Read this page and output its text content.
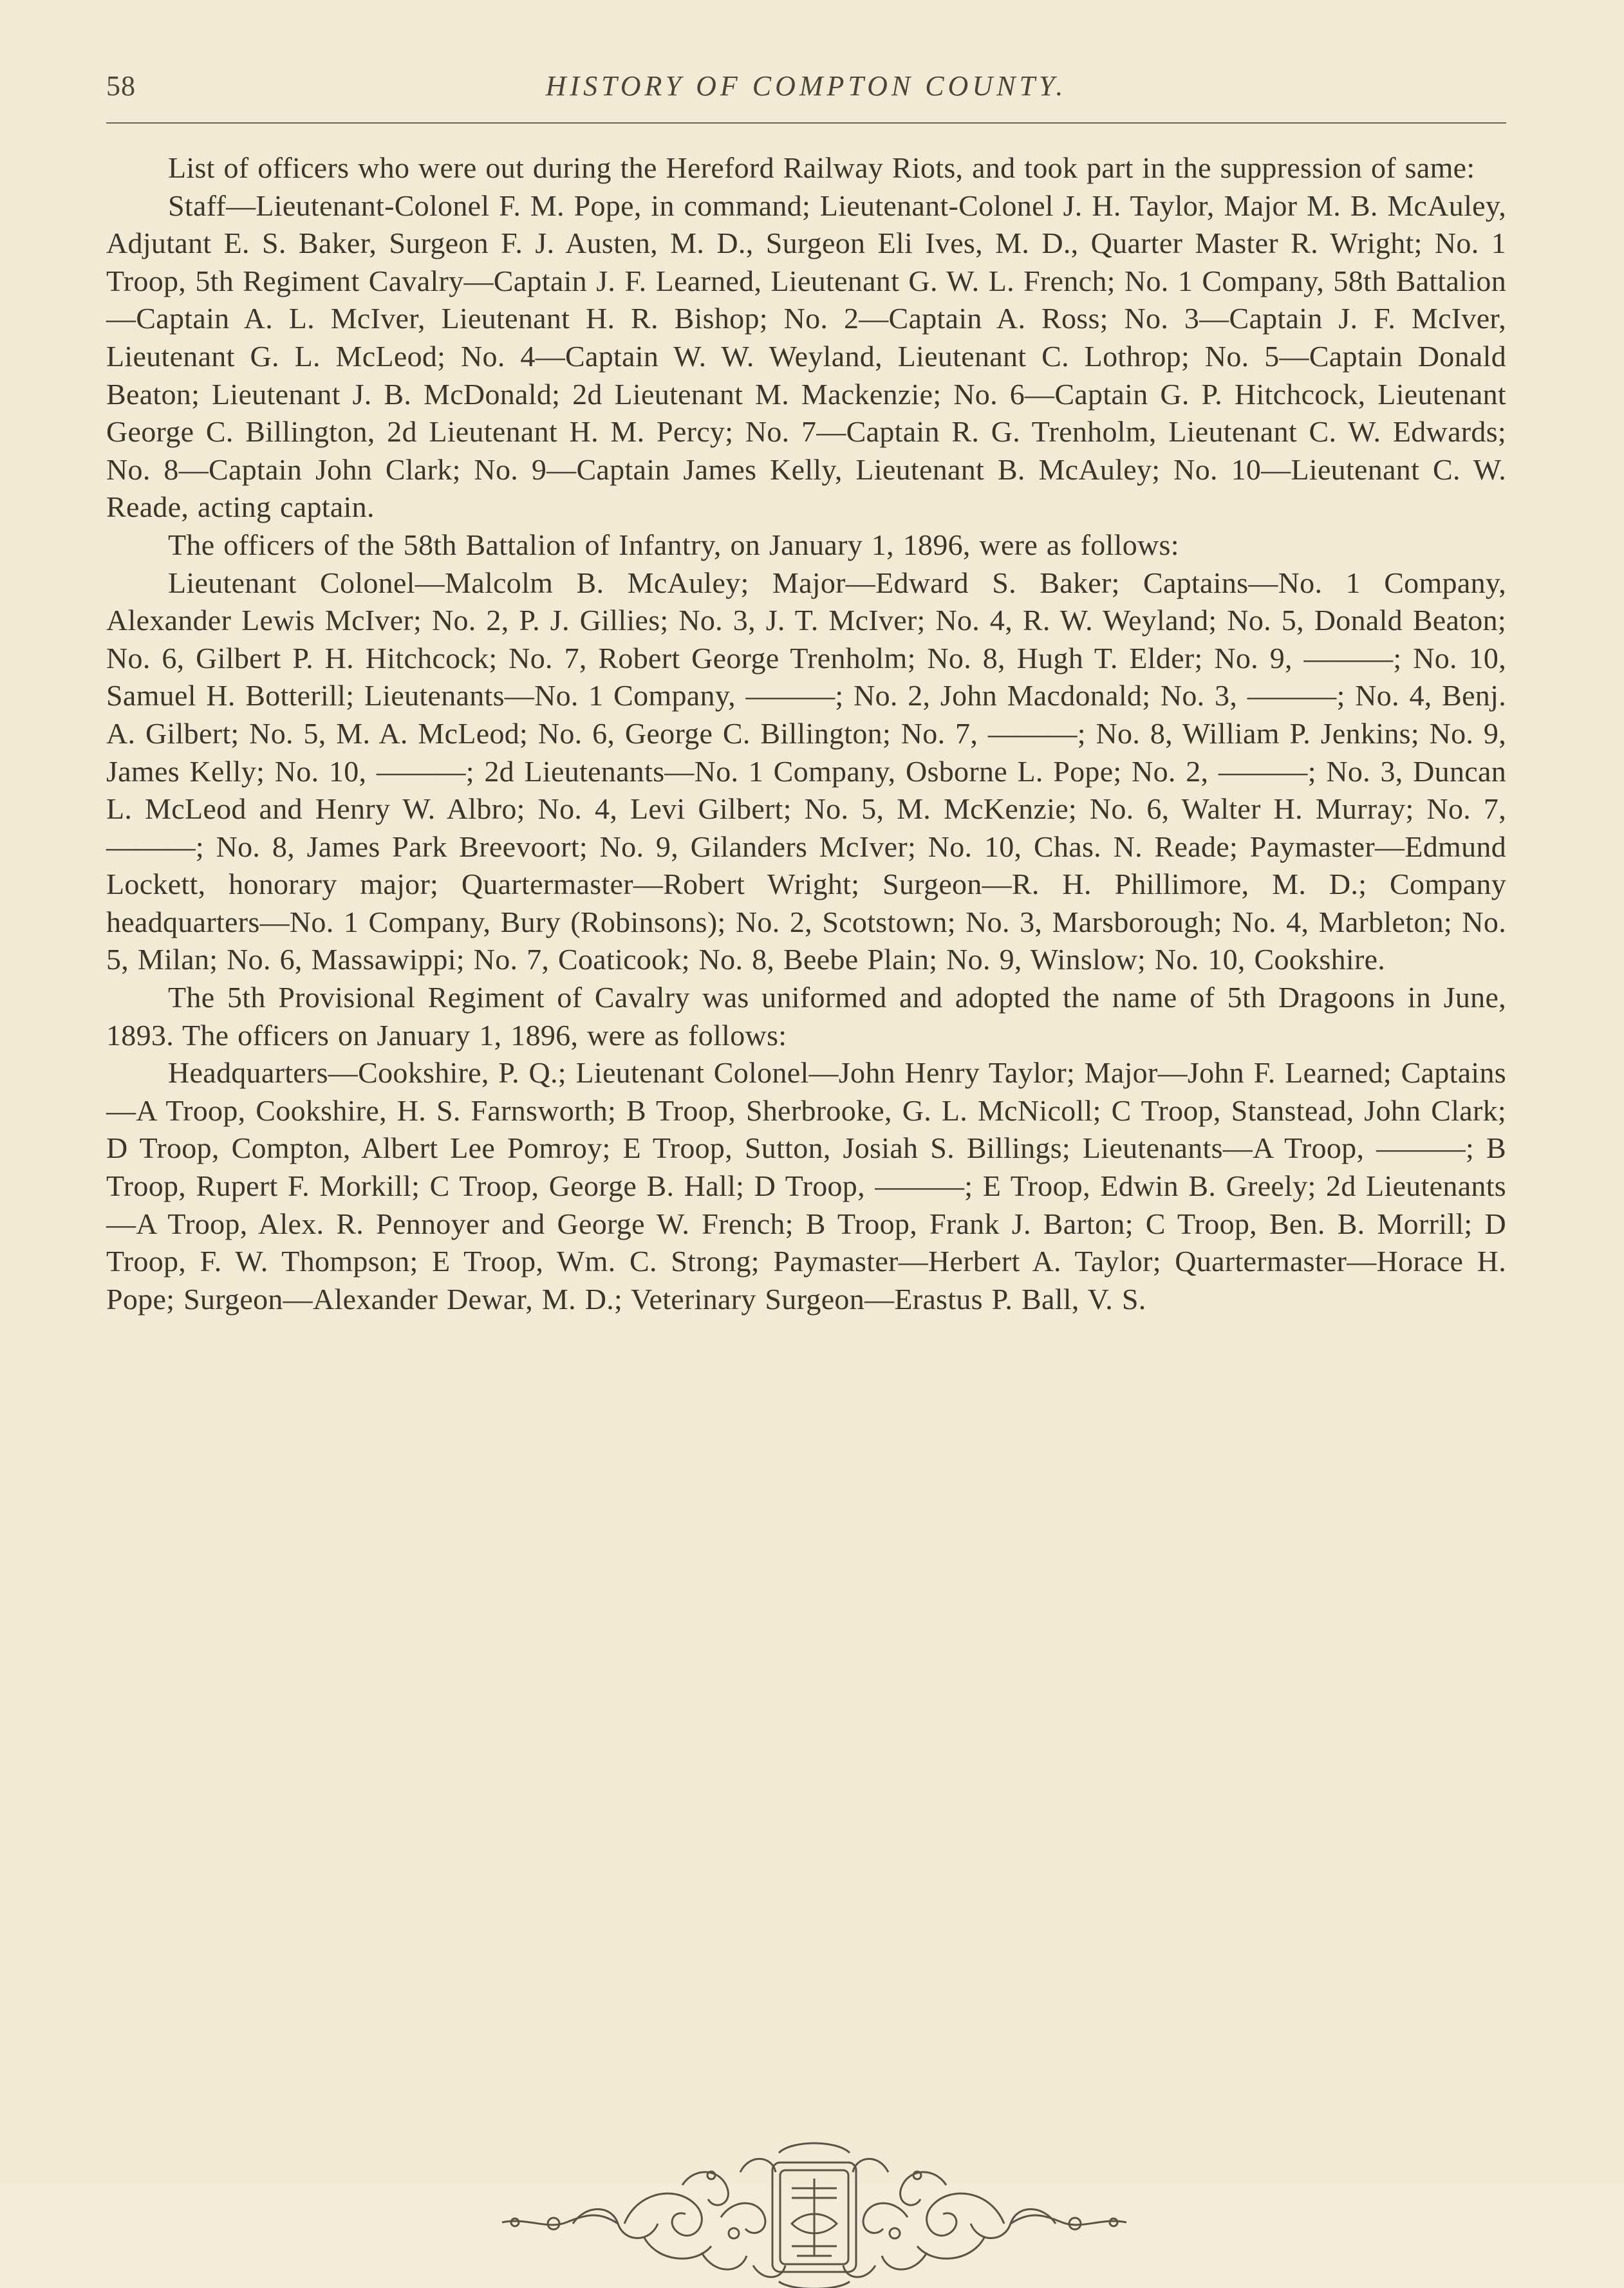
58	HISTORY OF COMPTON COUNTY.

List of officers who were out during the Hereford Railway Riots, and took part in the suppression of same:

Staff—Lieutenant-Colonel F. M. Pope, in command; Lieutenant-Colonel J. H. Taylor, Major M. B. McAuley, Adjutant E. S. Baker, Surgeon F. J. Austen, M. D., Surgeon Eli Ives, M. D., Quarter Master R. Wright; No. 1 Troop, 5th Regiment Cavalry—Captain J. F. Learned, Lieutenant G. W. L. French; No. 1 Company, 58th Battalion—Captain A. L. McIver, Lieutenant H. R. Bishop; No. 2—Captain A. Ross; No. 3—Captain J. F. McIver, Lieutenant G. L. McLeod; No. 4—Captain W. W. Weyland, Lieutenant C. Lothrop; No. 5—Captain Donald Beaton; Lieutenant J. B. McDonald; 2d Lieutenant M. Mackenzie; No. 6—Captain G. P. Hitchcock, Lieutenant George C. Billington, 2d Lieutenant H. M. Percy; No. 7—Captain R. G. Trenholm, Lieutenant C. W. Edwards; No. 8—Captain John Clark; No. 9—Captain James Kelly, Lieutenant B. McAuley; No. 10—Lieutenant C. W. Reade, acting captain.

The officers of the 58th Battalion of Infantry, on January 1, 1896, were as follows:

Lieutenant Colonel—Malcolm B. McAuley; Major—Edward S. Baker; Captains—No. 1 Company, Alexander Lewis McIver; No. 2, P. J. Gillies; No. 3, J. T. McIver; No. 4, R. W. Weyland; No. 5, Donald Beaton; No. 6, Gilbert P. H. Hitchcock; No. 7, Robert George Trenholm; No. 8, Hugh T. Elder; No. 9, ———; No. 10, Samuel H. Botterill; Lieutenants—No. 1 Company, ———; No. 2, John Macdonald; No. 3, ———; No. 4, Benj. A. Gilbert; No. 5, M. A. McLeod; No. 6, George C. Billington; No. 7, ———; No. 8, William P. Jenkins; No. 9, James Kelly; No. 10, ———; 2d Lieutenants—No. 1 Company, Osborne L. Pope; No. 2, ———; No. 3, Duncan L. McLeod and Henry W. Albro; No. 4, Levi Gilbert; No. 5, M. McKenzie; No. 6, Walter H. Murray; No. 7, ———; No. 8, James Park Breevoort; No. 9, Gilanders McIver; No. 10, Chas. N. Reade; Paymaster—Edmund Lockett, honorary major; Quartermaster—Robert Wright; Surgeon—R. H. Phillimore, M. D.; Company headquarters—No. 1 Company, Bury (Robinsons); No. 2, Scotstown; No. 3, Marsborough; No. 4, Marbleton; No. 5, Milan; No. 6, Massawippi; No. 7, Coaticook; No. 8, Beebe Plain; No. 9, Winslow; No. 10, Cookshire.

The 5th Provisional Regiment of Cavalry was uniformed and adopted the name of 5th Dragoons in June, 1893. The officers on January 1, 1896, were as follows:

Headquarters—Cookshire, P. Q.; Lieutenant Colonel—John Henry Taylor; Major—John F. Learned; Captains—A Troop, Cookshire, H. S. Farnsworth; B Troop, Sherbrooke, G. L. McNicoll; C Troop, Stanstead, John Clark; D Troop, Compton, Albert Lee Pomroy; E Troop, Sutton, Josiah S. Billings; Lieutenants—A Troop, ———; B Troop, Rupert F. Morkill; C Troop, George B. Hall; D Troop, ———; E Troop, Edwin B. Greely; 2d Lieutenants—A Troop, Alex. R. Pennoyer and George W. French; B Troop, Frank J. Barton; C Troop, Ben. B. Morrill; D Troop, F. W. Thompson; E Troop, Wm. C. Strong; Paymaster—Herbert A. Taylor; Quartermaster—Horace H. Pope; Surgeon—Alexander Dewar, M. D.; Veterinary Surgeon—Erastus P. Ball, V. S.
